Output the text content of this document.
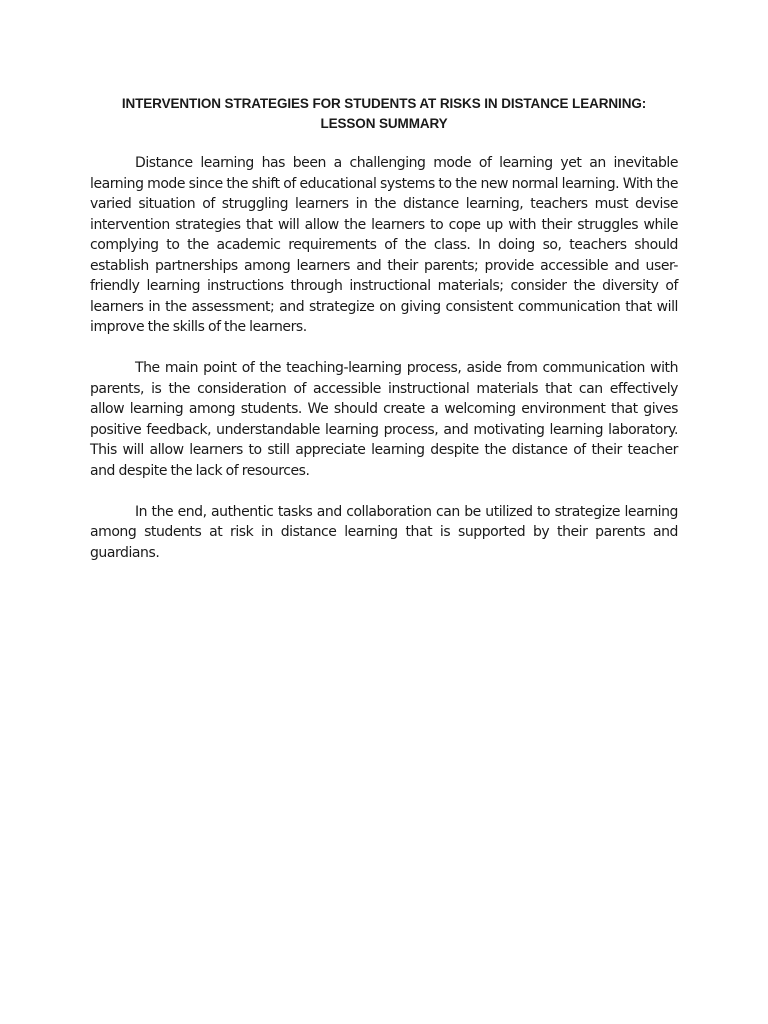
INTERVENTION STRATEGIES FOR STUDENTS AT RISKS IN DISTANCE LEARNING:
LESSON SUMMARY

Distance learning has been a challenging mode of learning yet an inevitable learning mode since the shift of educational systems to the new normal learning. With the varied situation of struggling learners in the distance learning, teachers must devise intervention strategies that will allow the learners to cope up with their struggles while complying to the academic requirements of the class. In doing so, teachers should establish partnerships among learners and their parents; provide accessible and user-friendly learning instructions through instructional materials; consider the diversity of learners in the assessment; and strategize on giving consistent communication that will improve the skills of the learners.

The main point of the teaching-learning process, aside from communication with parents, is the consideration of accessible instructional materials that can effectively allow learning among students. We should create a welcoming environment that gives positive feedback, understandable learning process, and motivating learning laboratory. This will allow learners to still appreciate learning despite the distance of their teacher and despite the lack of resources.

In the end, authentic tasks and collaboration can be utilized to strategize learning among students at risk in distance learning that is supported by their parents and guardians.
